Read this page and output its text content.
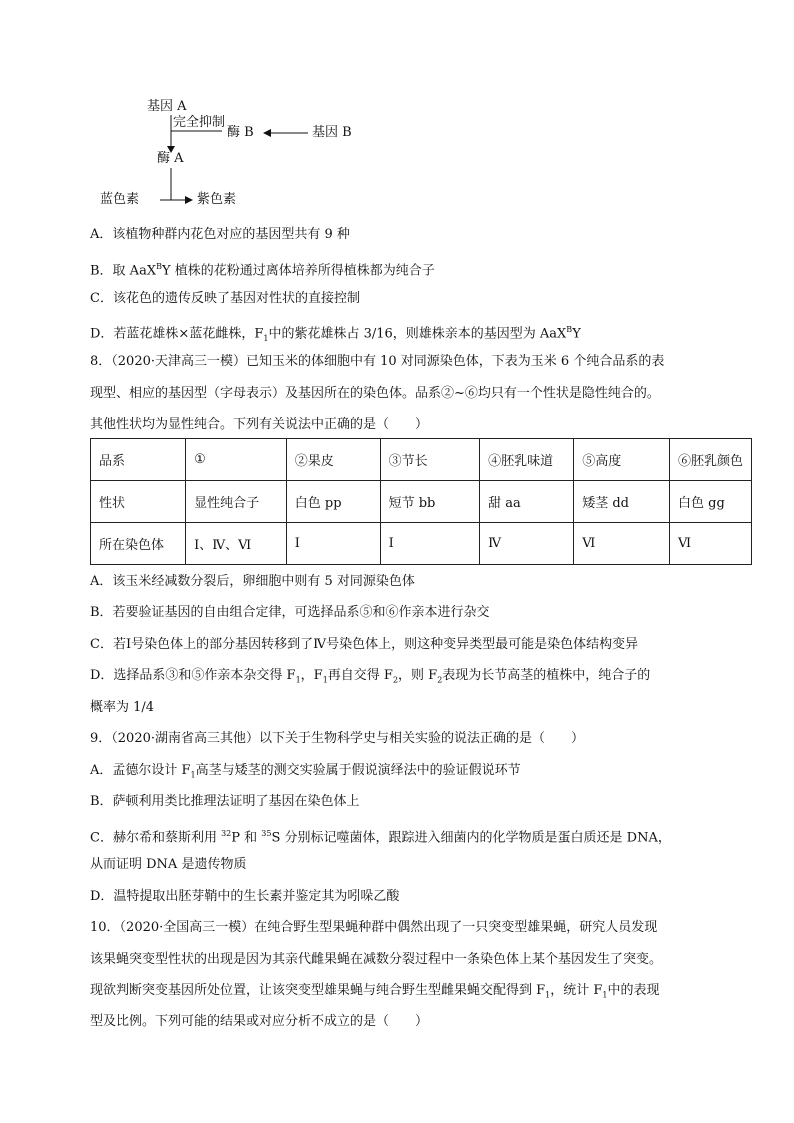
基因 A
完全抑制
酶 B	基因 B
酶 A
蓝色素	紫色素
A．该植物种群内花色对应的基因型共有 9 种
B．取 AaX$^B$Y 植株的花粉通过离体培养所得植株都为纯合子
C．该花色的遗传反映了基因对性状的直接控制
D．若蓝花雄株×蓝花雌株，$F_1$中的紫花雄株占 3/16，则雄株亲本的基因型为 AaX$^B$Y
8．（2020·天津高三一模）已知玉米的体细胞中有 10 对同源染色体，下表为玉米 6 个纯合品系的表
现型、相应的基因型（字母表示）及基因所在的染色体。品系②~⑥均只有一个性状是隐性纯合的。
其他性状均为显性纯合。下列有关说法中正确的是（　　）
品系	①	②果皮	③节长	④胚乳味道	⑤高度	⑥胚乳颜色
性状	显性纯合子	白色 pp	短节 bb	甜 aa	矮茎 dd	白色 gg
所在染色体	Ⅰ、Ⅳ、Ⅵ	Ⅰ	Ⅰ	Ⅳ	Ⅵ	Ⅵ
A．该玉米经减数分裂后，卵细胞中则有 5 对同源染色体
B．若要验证基因的自由组合定律，可选择品系⑤和⑥作亲本进行杂交
C．若Ⅰ号染色体上的部分基因转移到了Ⅳ号染色体上，则这种变异类型最可能是染色体结构变异
D．选择品系③和⑤作亲本杂交得 $F_1$，$F_1$再自交得 $F_2$，则 $F_2$表现为长节高茎的植株中，纯合子的
概率为 1/4
9．（2020·湖南省高三其他）以下关于生物科学史与相关实验的说法正确的是（　　）
A．孟德尔设计 $F_1$高茎与矮茎的测交实验属于假说演绎法中的验证假说环节
B．萨顿利用类比推理法证明了基因在染色体上
C．赫尔希和蔡斯利用 $^{32}$P 和 $^{35}$S 分别标记噬菌体，跟踪进入细菌内的化学物质是蛋白质还是 DNA，
从而证明 DNA 是遗传物质
D．温特提取出胚芽鞘中的生长素并鉴定其为吲哚乙酸
10．（2020·全国高三一模）在纯合野生型果蝇种群中偶然出现了一只突变型雄果蝇，研究人员发现
该果蝇突变型性状的出现是因为其亲代雌果蝇在减数分裂过程中一条染色体上某个基因发生了突变。
现欲判断突变基因所处位置，让该突变型雄果蝇与纯合野生型雌果蝇交配得到 $F_1$，统计 $F_1$中的表现
型及比例。下列可能的结果或对应分析不成立的是（　　）
